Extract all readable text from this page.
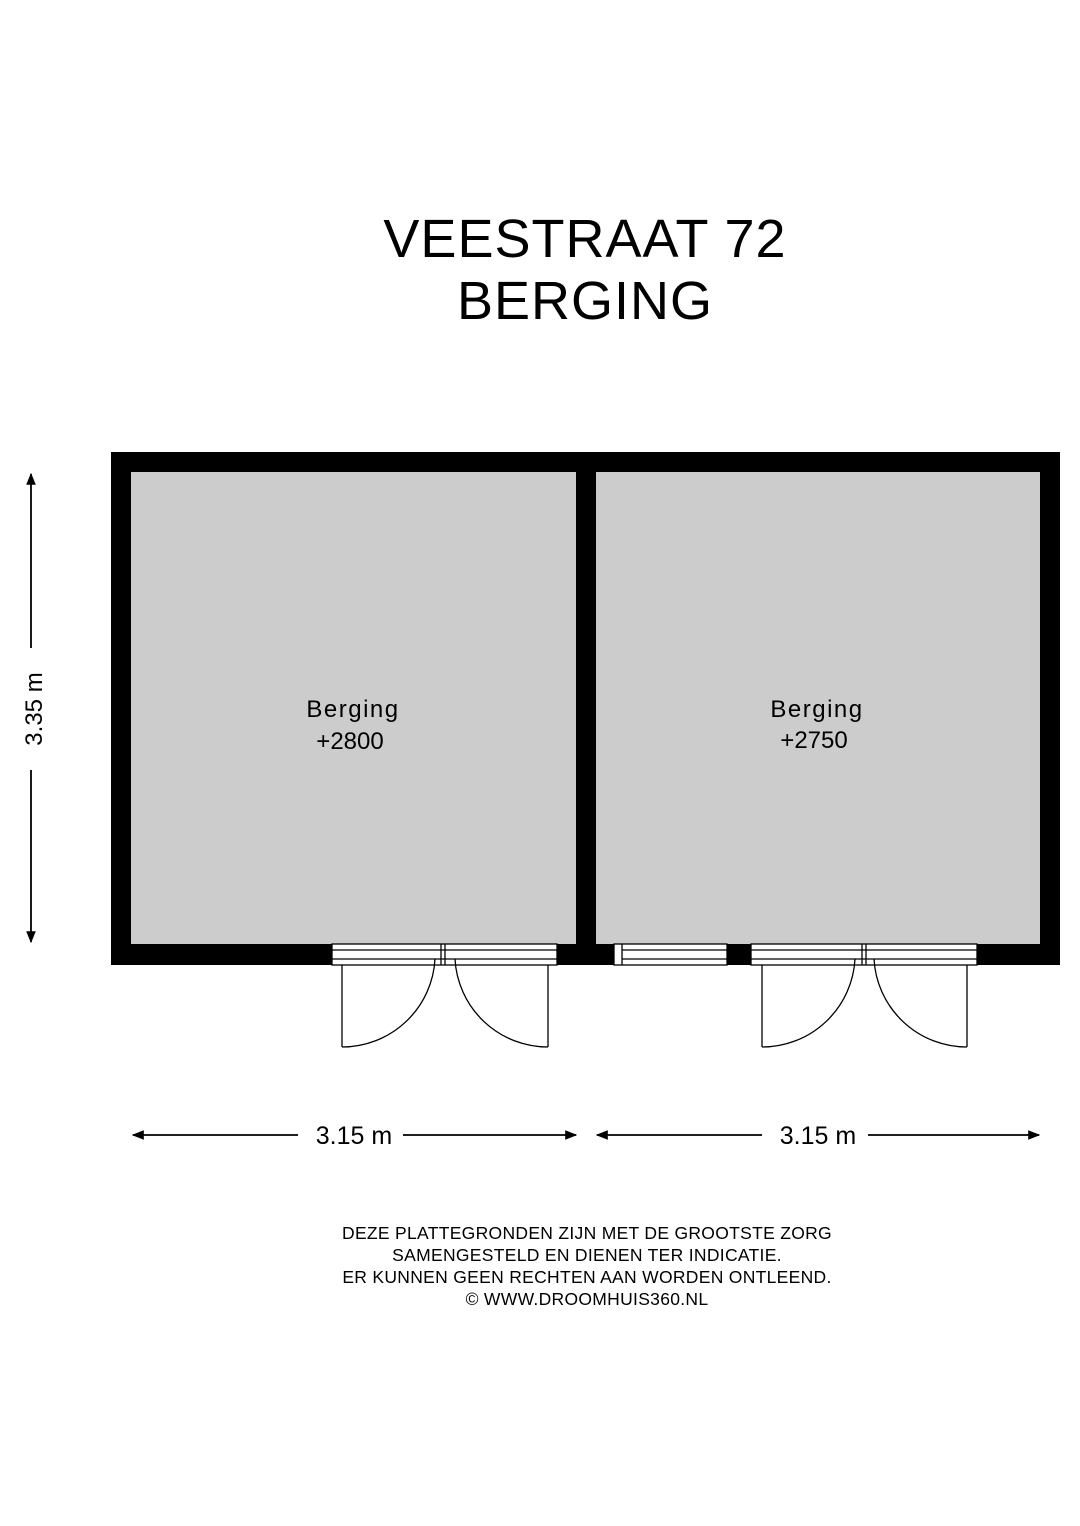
VEESTRAAT 72
BERGING
Berging
+2800
Berging
+2750
3.35 m
3.15 m	3.15 m
DEZE PLATTEGRONDEN ZIJN MET DE GROOTSTE ZORG
SAMENGESTELD EN DIENEN TER INDICATIE.
ER KUNNEN GEEN RECHTEN AAN WORDEN ONTLEEND.
© WWW.DROOMHUIS360.NL
